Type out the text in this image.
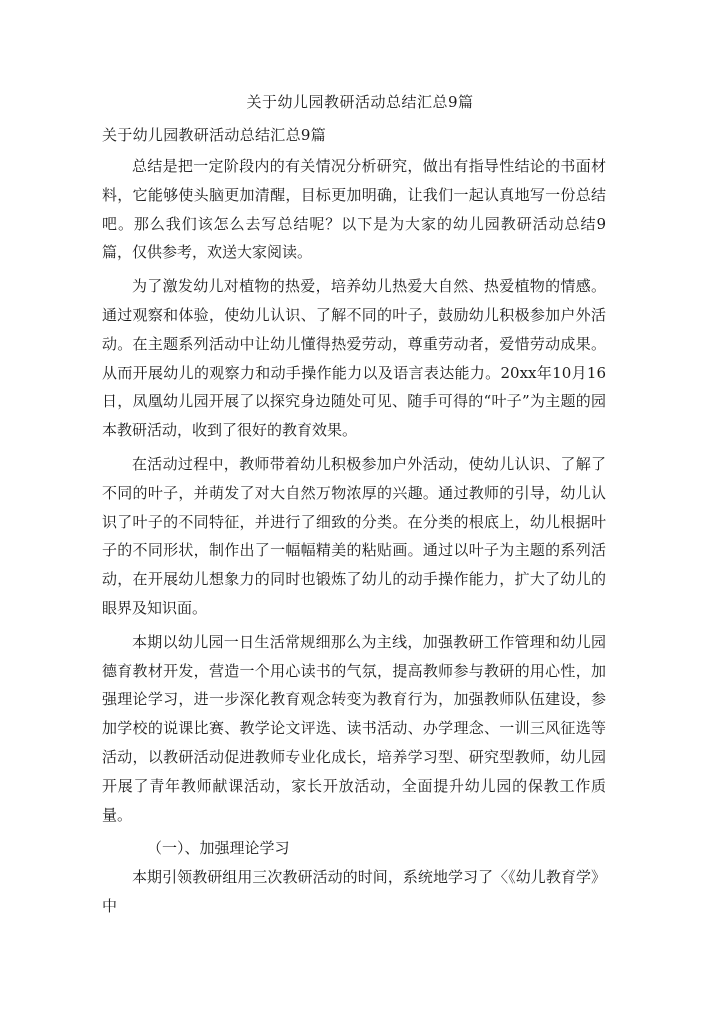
关于幼儿园教研活动总结汇总9篇
关于幼儿园教研活动总结汇总9篇

总结是把一定阶段内的有关情况分析研究，做出有指导性结论的书面材料，它能够使头脑更加清醒，目标更加明确，让我们一起认真地写一份总结吧。那么我们该怎么去写总结呢？以下是为大家的幼儿园教研活动总结9篇，仅供参考，欢送大家阅读。

为了激发幼儿对植物的热爱，培养幼儿热爱大自然、热爱植物的情感。通过观察和体验，使幼儿认识、了解不同的叶子，鼓励幼儿积极参加户外活动。在主题系列活动中让幼儿懂得热爱劳动，尊重劳动者，爱惜劳动成果。从而开展幼儿的观察力和动手操作能力以及语言表达能力。20xx年10月16日，凤凰幼儿园开展了以探究身边随处可见、随手可得的“叶子”为主题的园本教研活动，收到了很好的教育效果。

在活动过程中，教师带着幼儿积极参加户外活动，使幼儿认识、了解了不同的叶子，并萌发了对大自然万物浓厚的兴趣。通过教师的引导，幼儿认识了叶子的不同特征，并进行了细致的分类。在分类的根底上，幼儿根据叶子的不同形状，制作出了一幅幅精美的粘贴画。通过以叶子为主题的系列活动，在开展幼儿想象力的同时也锻炼了幼儿的动手操作能力，扩大了幼儿的眼界及知识面。

本期以幼儿园一日生活常规细那么为主线，加强教研工作管理和幼儿园德育教材开发，营造一个用心读书的气氛，提高教师参与教研的用心性，加强理论学习，进一步深化教育观念转变为教育行为，加强教师队伍建设，参加学校的说课比赛、教学论文评选、读书活动、办学理念、一训三风征选等活动，以教研活动促进教师专业化成长，培养学习型、研究型教师，幼儿园开展了青年教师献课活动，家长开放活动，全面提升幼儿园的保教工作质量。

（一）、加强理论学习

本期引领教研组用三次教研活动的时间，系统地学习了〈《幼儿教育学》中
